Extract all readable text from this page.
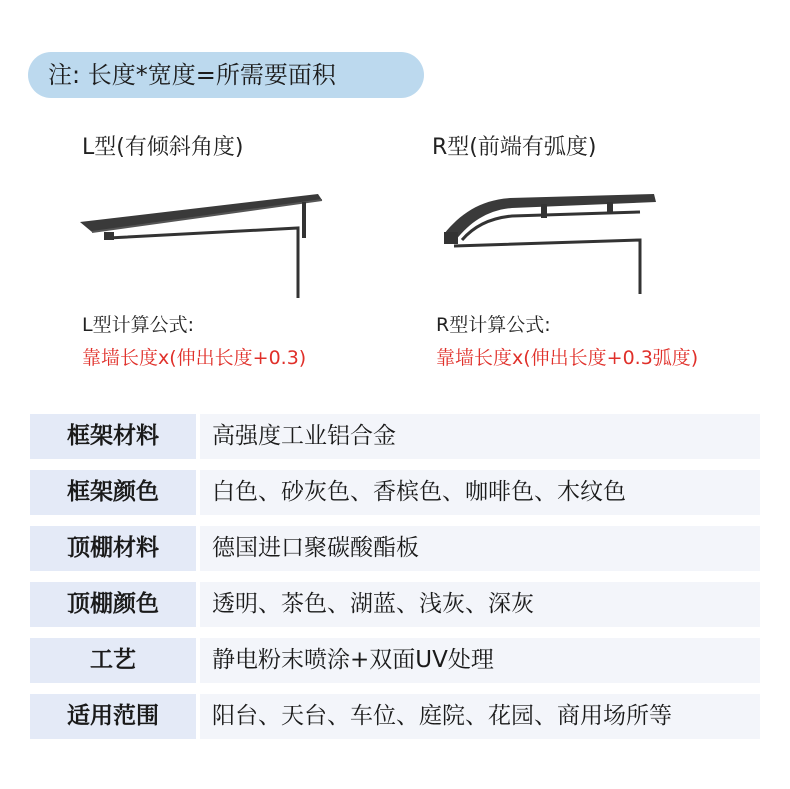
注: 长度*宽度=所需要面积
L型(有倾斜角度)	R型(前端有弧度)
L型计算公式:
靠墙长度x(伸出长度+0.3)
R型计算公式:
靠墙长度x(伸出长度+0.3弧度)
框架材料	高强度工业铝合金
框架颜色	白色、砂灰色、香槟色、咖啡色、木纹色
顶棚材料	德国进口聚碳酸酯板
顶棚颜色	透明、茶色、湖蓝、浅灰、深灰
工艺	静电粉末喷涂+双面UV处理
适用范围	阳台、天台、车位、庭院、花园、商用场所等
